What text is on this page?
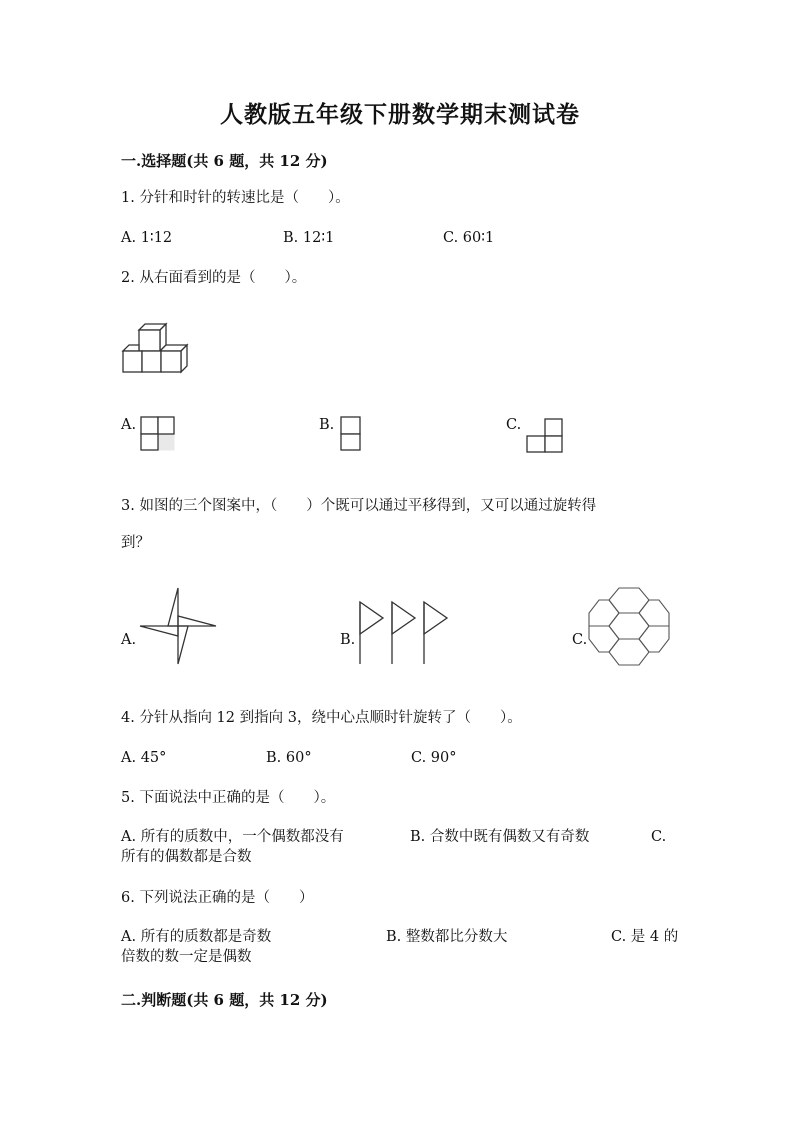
人教版五年级下册数学期末测试卷
一.选择题(共 6 题，共 12 分)
1. 分针和时针的转速比是（　　）。
A. 1∶12	B. 12∶1	C. 60∶1
2. 从右面看到的是（　　）。
A.	B.	C.
3. 如图的三个图案中，（　　）个既可以通过平移得到，又可以通过旋转得
到？
A.	B.	C.
4. 分针从指向 12 到指向 3，绕中心点顺时针旋转了（　　）。
A. 45°	B. 60°	C. 90°
5. 下面说法中正确的是（　　）。
A. 所有的质数中，一个偶数都没有	B. 合数中既有偶数又有奇数	C.
所有的偶数都是合数
6. 下列说法正确的是（　　）
A. 所有的质数都是奇数	B. 整数都比分数大	C. 是 4 的
倍数的数一定是偶数
二.判断题(共 6 题，共 12 分)
